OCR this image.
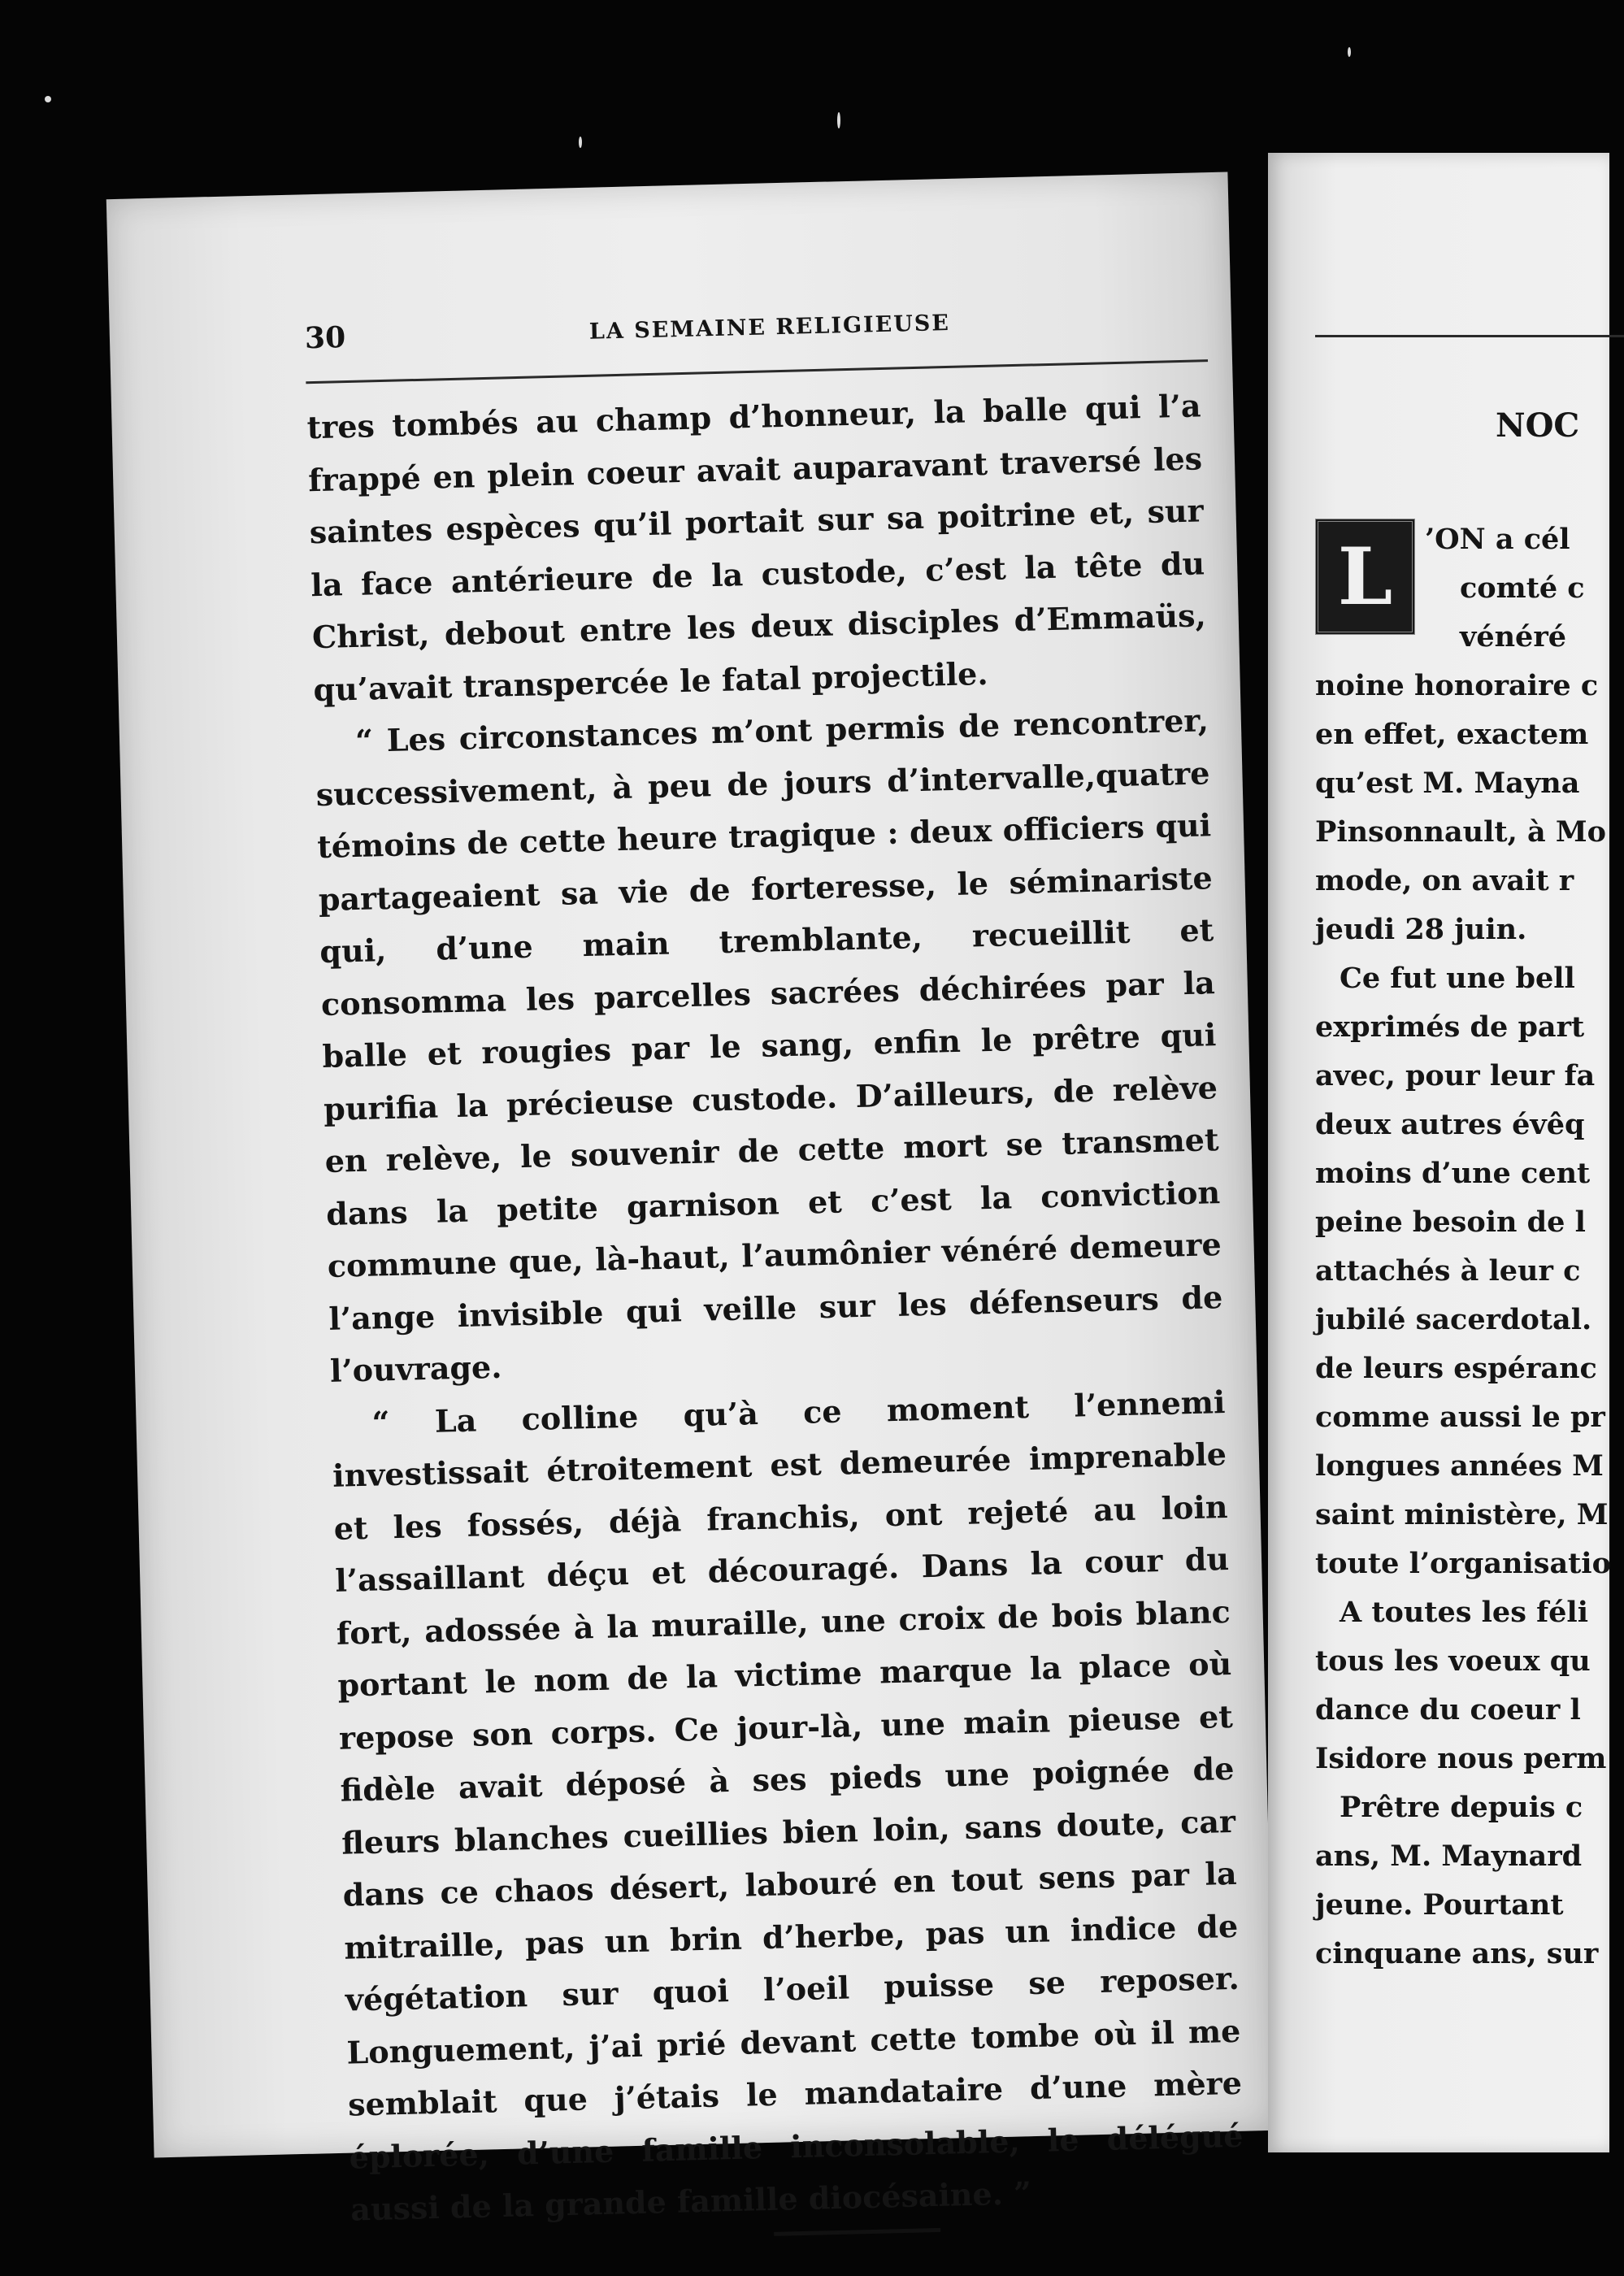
30	LA SEMAINE RELIGIEUSE

tres tombés au champ d’honneur, la balle qui l’a frappé en plein coeur avait auparavant traversé les saintes espèces qu’il portait sur sa poitrine et, sur la face antérieure de la custode, c’est la tête du Christ, debout entre les deux disciples d’Emmaüs, qu’avait transpercée le fatal projectile.

“ Les circonstances m’ont permis de rencontrer, successivement, à peu de jours d’intervalle,quatre témoins de cette heure tragique : deux officiers qui partageaient sa vie de forteresse, le séminariste qui, d’une main tremblante, recueillit et consomma les parcelles sacrées déchirées par la balle et rougies par le sang, enfin le prêtre qui purifia la précieuse custode. D’ailleurs, de relève en relève, le souvenir de cette mort se transmet dans la petite garnison et c’est la conviction commune que, là-haut, l’aumônier vénéré demeure l’ange invisible qui veille sur les défenseurs de l’ouvrage.

“ La colline qu’à ce moment l’ennemi investissait étroitement est demeurée imprenable et les fossés, déjà franchis, ont rejeté au loin l’assaillant déçu et découragé. Dans la cour du fort, adossée à la muraille, une croix de bois blanc portant le nom de la victime marque la place où repose son corps. Ce jour-là, une main pieuse et fidèle avait déposé à ses pieds une poignée de fleurs blanches cueillies bien loin, sans doute, car dans ce chaos désert, labouré en tout sens par la mitraille, pas un brin d’herbe, pas un indice de végétation sur quoi l’oeil puisse se reposer. Longuement, j’ai prié devant cette tombe où il me semblait que j’étais le mandataire d’une mère éplorée, d’une famille inconsolable, le délégué aussi de la grande famille diocésaine. ”

NOC
L	’ON a cél
comté c
vénéré
noine honoraire c
en effet, exactem
qu’est M. Mayna
Pinsonnault, à Mo
mode, on avait r
jeudi 28 juin.
Ce fut une bell
exprimés de part
avec, pour leur fa
deux autres évêq
moins d’une cent
peine besoin de l
attachés à leur c
jubilé sacerdotal.
de leurs espéranc
comme aussi le pr
longues années M
saint ministère, M
toute l’organisatio
A toutes les féli
tous les voeux qu
dance du coeur l
Isidore nous perm
Prêtre depuis c
ans, M. Maynard
jeune. Pourtant
cinquane ans, sur
